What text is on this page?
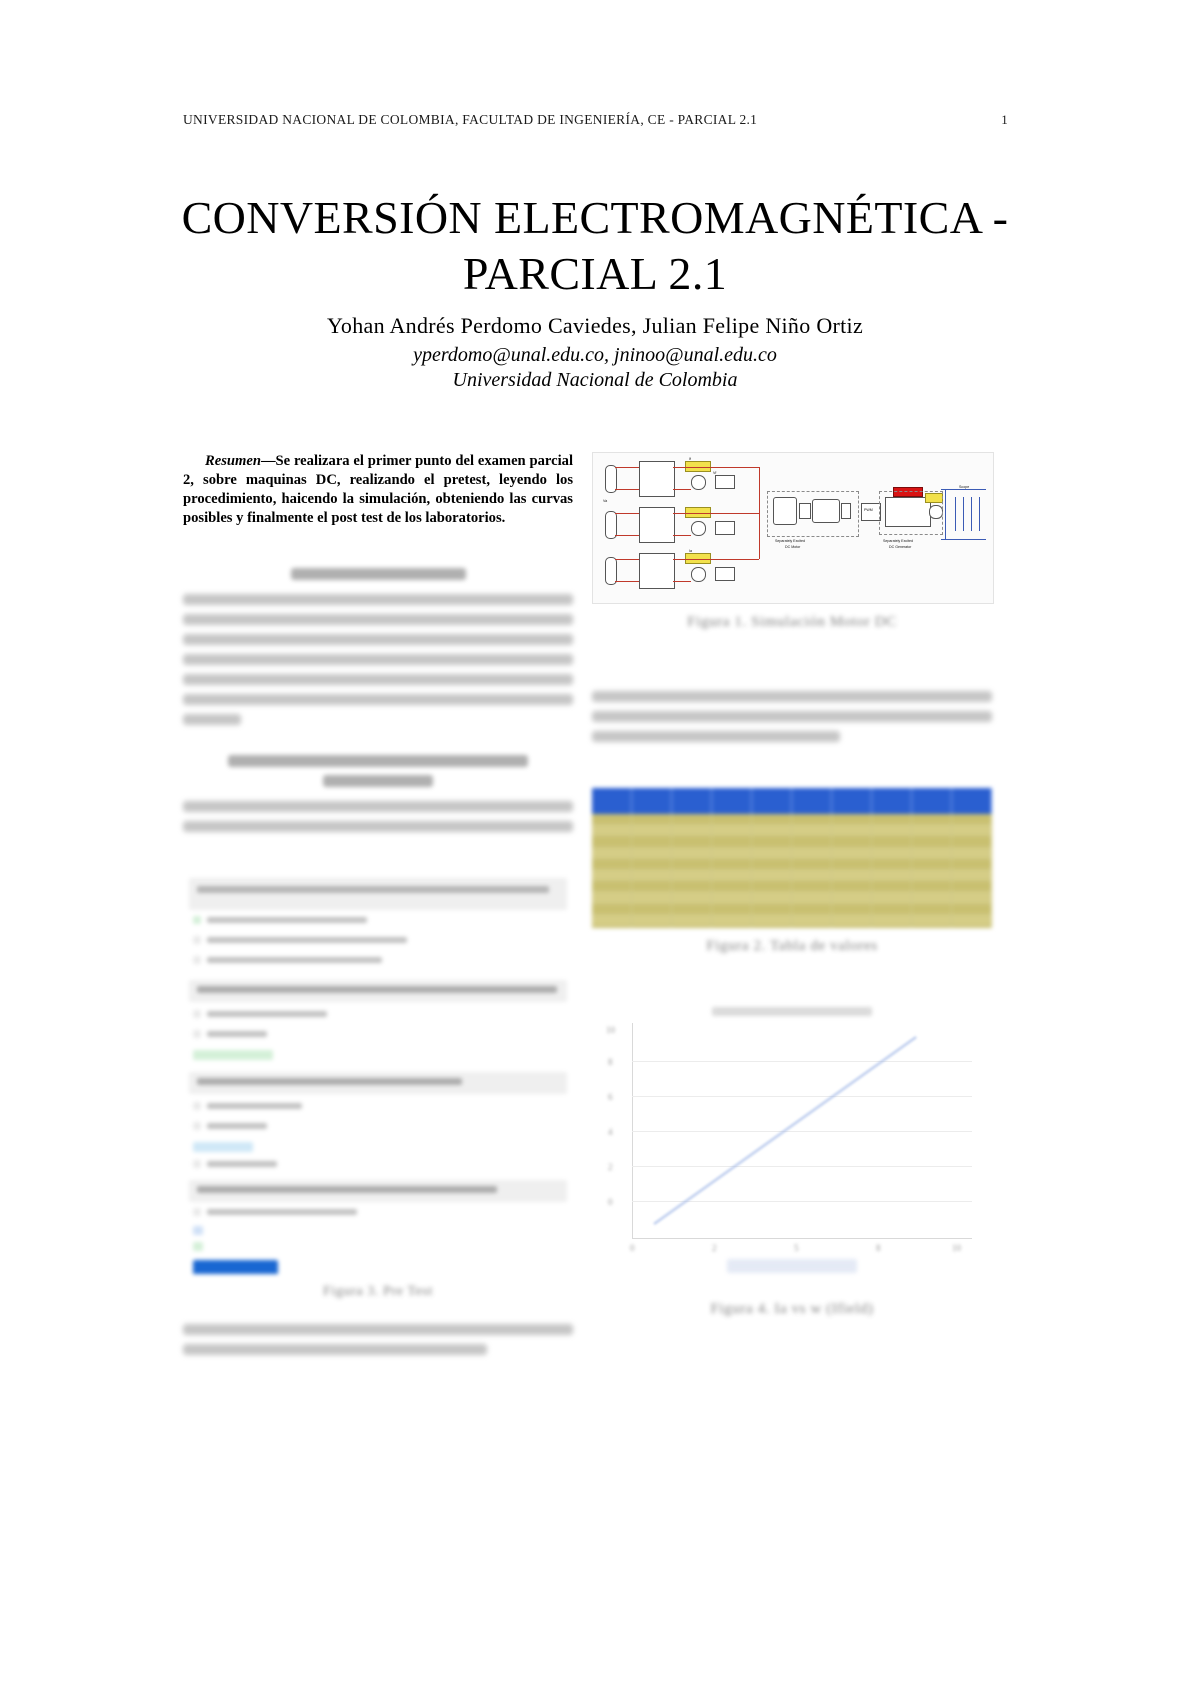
UNIVERSIDAD NACIONAL DE COLOMBIA, FACULTAD DE INGENIERÍA, CE - PARCIAL 2.1	1
CONVERSIÓN ELECTROMAGNÉTICA - PARCIAL 2.1
Yohan Andrés Perdomo Caviedes, Julian Felipe Niño Ortiz
yperdomo@unal.edu.co, jninoo@unal.edu.co
Universidad Nacional de Colombia
Resumen—Se realizara el primer punto del examen parcial 2, sobre maquinas DC, realizando el pretest, leyendo los procedimiento, haicendo la simulación, obteniendo las curvas posibles y finalmente el post test de los laboratorios.
Figura 3. Pre Test
Separately Excited
DC Motor
PWM
Separately Excited
DC Generator
Scope
If
Vf
Va
Ia
Figura 1. Simulación Motor DC
Figura 2. Tabla de valores
10
8
6
4
2
0
0	2	5	8	10
Figura 4. Ia vs w (Ifield)
